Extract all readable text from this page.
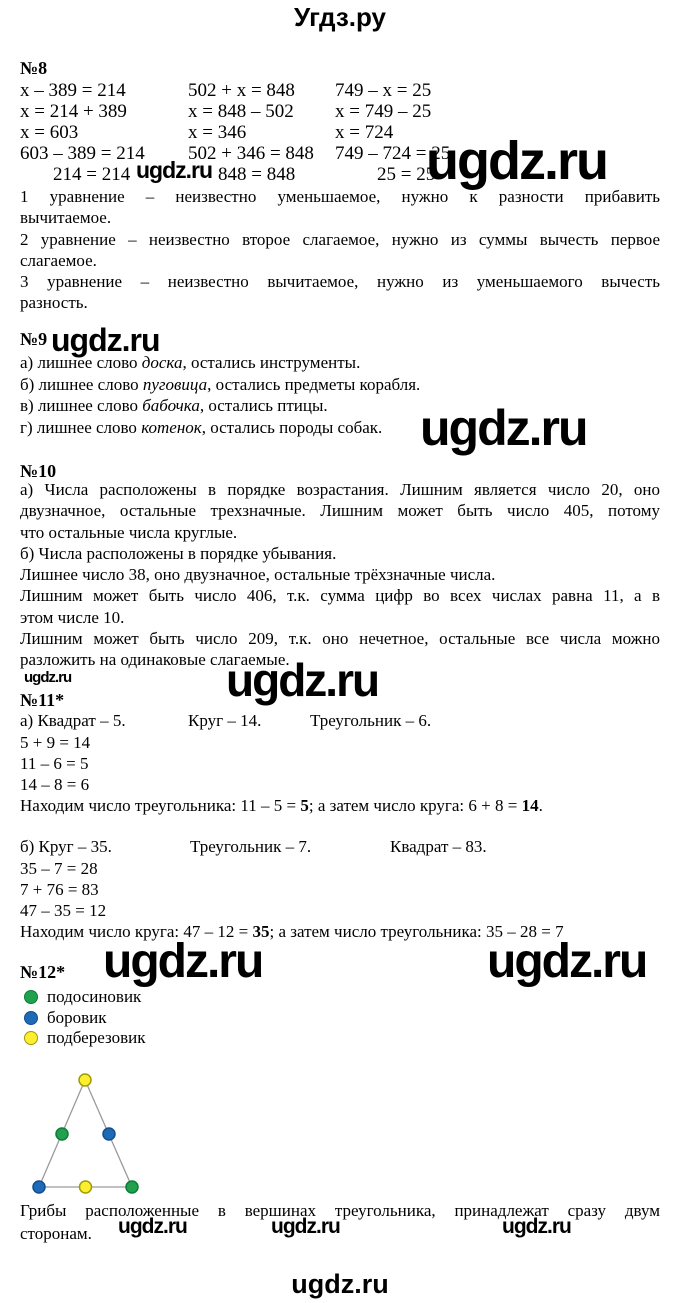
Угдз.ру
№8
x – 389 = 214	502 + x = 848 749 – x = 25
x = 214 + 389	x = 848 – 502 x = 749 – 25
x = 603	x = 346	x = 724
603 – 389 = 214 502 + 346 = 848 749 – 724 = 25
214 = 214	848 = 848	25 = 25
ugdz.ru	ugdz.ru
1 уравнение – неизвестно уменьшаемое, нужно к разности прибавить
вычитаемое.
2 уравнение – неизвестно второе слагаемое, нужно из суммы вычесть первое
слагаемое.
3 уравнение – неизвестно вычитаемое, нужно из уменьшаемого вычесть
разность.
№9 ugdz.ru
а) лишнее слово доска, остались инструменты.
б) лишнее слово пуговица, остались предметы корабля.
в) лишнее слово бабочка, остались птицы.
г) лишнее слово котенок, остались породы собак. ugdz.ru
№10
а) Числа расположены в порядке возрастания. Лишним является число 20, оно
двузначное, остальные трехзначные. Лишним может быть число 405, потому
что остальные числа круглые.
б) Числа расположены в порядке убывания.
Лишнее число 38, оно двузначное, остальные трёхзначные числа.
Лишним может быть число 406, т.к. сумма цифр во всех числах равна 11, а в
этом числе 10.
Лишним может быть число 209, т.к. оно нечетное, остальные все числа можно
разложить на одинаковые слагаемые.
ugdz.ru	ugdz.ru
№11*
а) Квадрат – 5.	Круг – 14.	Треугольник – 6.
5 + 9 = 14
11 – 6 = 5
14 – 8 = 6
Находим число треугольника: 11 – 5 = 5; а затем число круга: 6 + 8 = 14.
б) Круг – 35.	Треугольник – 7.	Квадрат – 83.
35 – 7 = 28
7 + 76 = 83
47 – 35 = 12
Находим число круга: 47 – 12 = 35; а затем число треугольника: 35 – 28 = 7
ugdz.ru	ugdz.ru
№12*
подосиновик
боровик
подберезовик
Грибы расположенные в вершинах треугольника, принадлежат сразу двум
сторонам.	ugdz.ru	ugdz.ru	ugdz.ru
ugdz.ru
